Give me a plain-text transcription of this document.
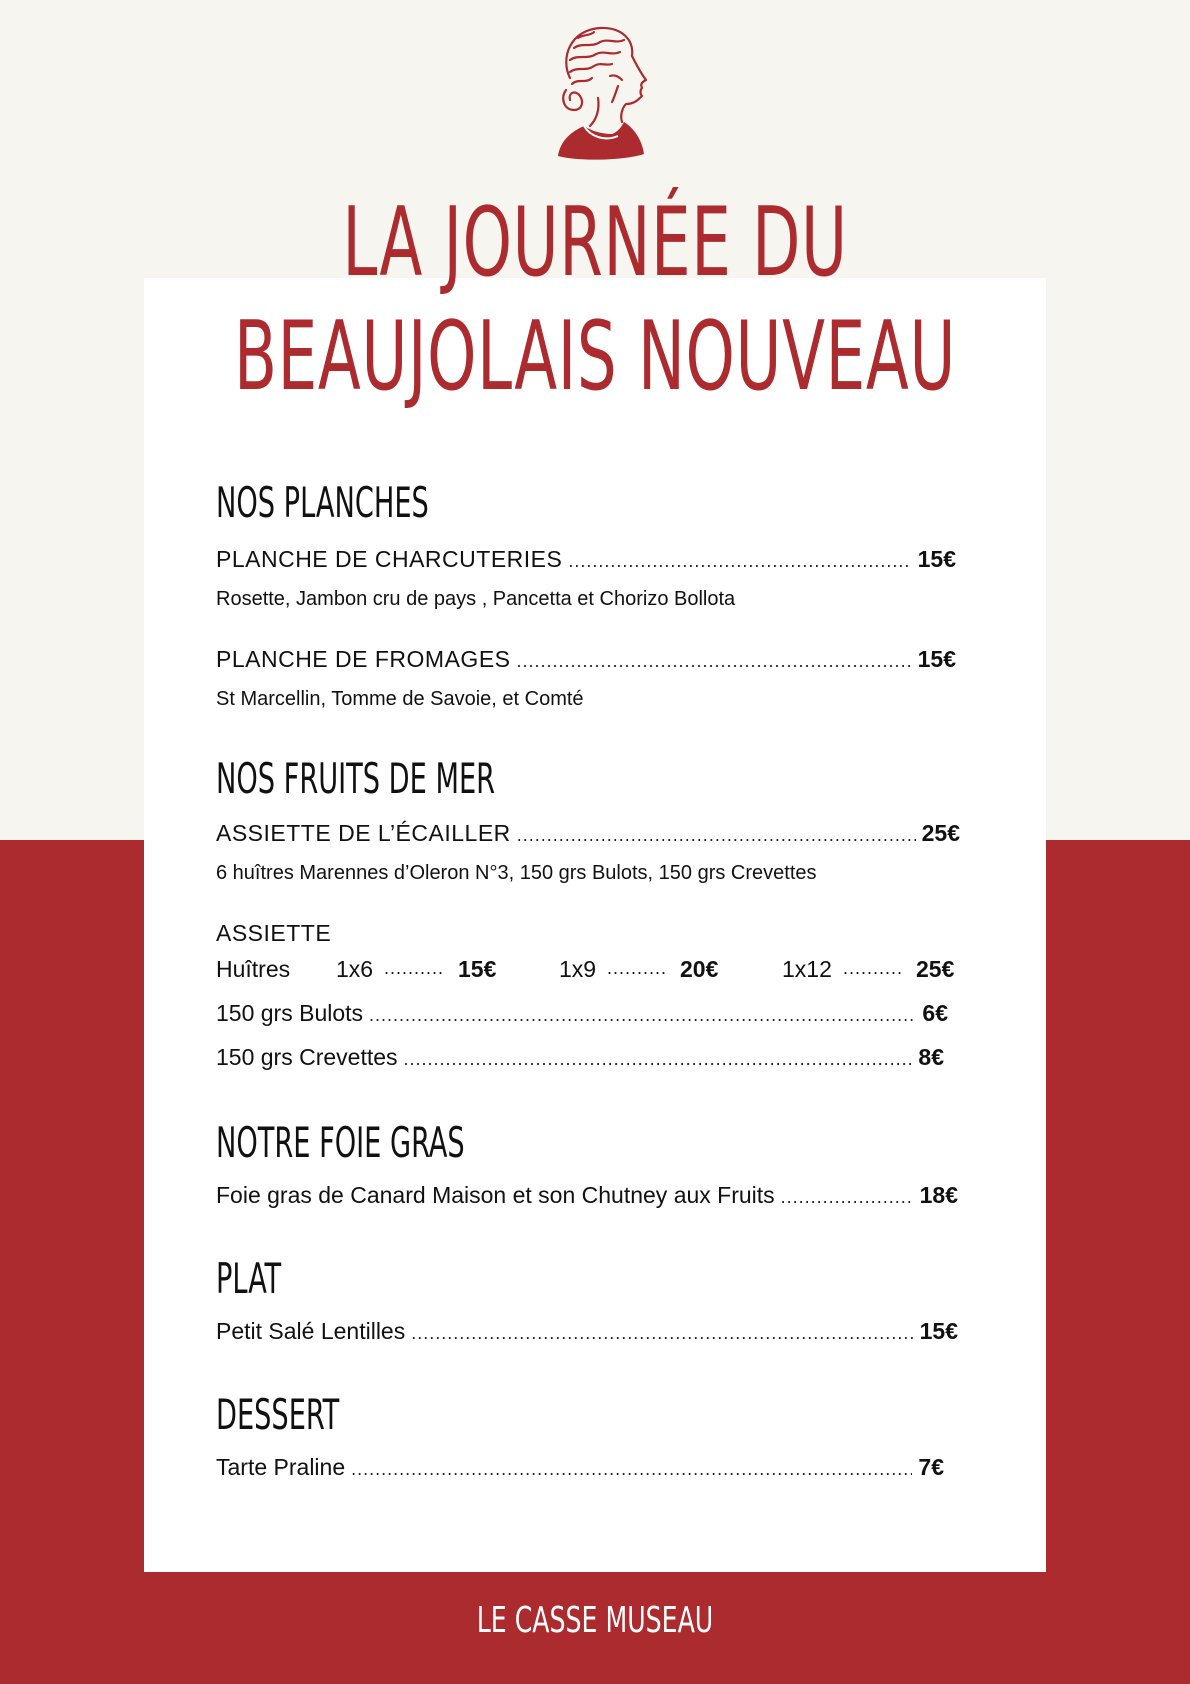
LA JOURNÉE DU
BEAUJOLAIS NOUVEAU
NOS PLANCHES
PLANCHE DE CHARCUTERIES .....	15€
Rosette, Jambon cru de pays , Pancetta et Chorizo Bollota
PLANCHE DE FROMAGES .....	15€
St Marcellin, Tomme de Savoie, et Comté
NOS FRUITS DE MER
ASSIETTE DE L’ÉCAILLER .....	25€
6 huîtres Marennes d’Oleron N°3, 150 grs Bulots, 150 grs Crevettes
ASSIETTE
Huîtres 1x6 .......... 15€	1x9 .......... 20€	1x12 .......... 25€
150 grs Bulots .....	6€
150 grs Crevettes .....	8€
NOTRE FOIE GRAS
Foie gras de Canard Maison et son Chutney aux Fruits .....	18€
PLAT
Petit Salé Lentilles .....	15€
DESSERT
Tarte Praline .....	7€
LE CASSE MUSEAU
